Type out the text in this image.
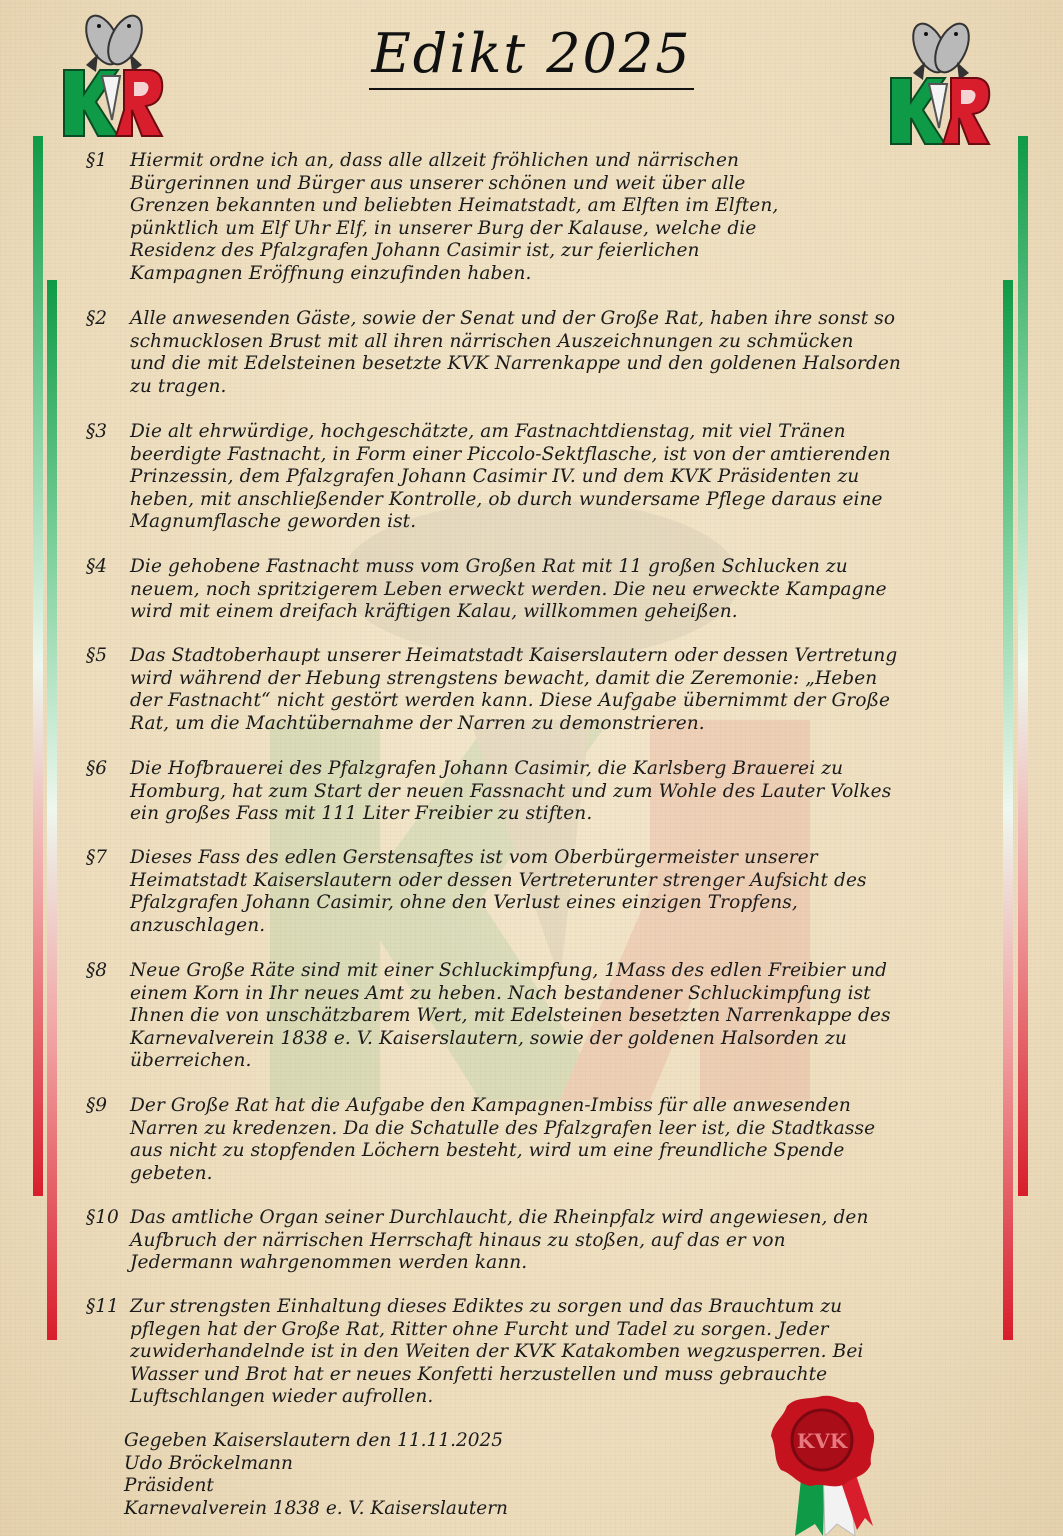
Edikt 2025
§1 Hiermit ordne ich an, dass alle allzeit fröhlichen und närrischen
Bürgerinnen und Bürger aus unserer schönen und weit über alle
Grenzen bekannten und beliebten Heimatstadt, am Elften im Elften,
pünktlich um Elf Uhr Elf, in unserer Burg der Kalause, welche die
Residenz des Pfalzgrafen Johann Casimir ist, zur feierlichen
Kampagnen Eröffnung einzufinden haben.
§2 Alle anwesenden Gäste, sowie der Senat und der Große Rat, haben ihre sonst so
schmucklosen Brust mit all ihren närrischen Auszeichnungen zu schmücken
und die mit Edelsteinen besetzte KVK Narrenkappe und den goldenen Halsorden
zu tragen.
§3 Die alt ehrwürdige, hochgeschätzte, am Fastnachtdienstag, mit viel Tränen
beerdigte Fastnacht, in Form einer Piccolo-Sektflasche, ist von der amtierenden
Prinzessin, dem Pfalzgrafen Johann Casimir IV. und dem KVK Präsidenten zu
heben, mit anschließender Kontrolle, ob durch wundersame Pflege daraus eine
Magnumflasche geworden ist.
§4 Die gehobene Fastnacht muss vom Großen Rat mit 11 großen Schlucken zu
neuem, noch spritzigerem Leben erweckt werden. Die neu erweckte Kampagne
wird mit einem dreifach kräftigen Kalau, willkommen geheißen.
§5 Das Stadtoberhaupt unserer Heimatstadt Kaiserslautern oder dessen Vertretung
wird während der Hebung strengstens bewacht, damit die Zeremonie: „Heben
der Fastnacht“ nicht gestört werden kann. Diese Aufgabe übernimmt der Große
Rat, um die Machtübernahme der Narren zu demonstrieren.
§6 Die Hofbrauerei des Pfalzgrafen Johann Casimir, die Karlsberg Brauerei zu
Homburg, hat zum Start der neuen Fassnacht und zum Wohle des Lauter Volkes
ein großes Fass mit 111 Liter Freibier zu stiften.
§7 Dieses Fass des edlen Gerstensaftes ist vom Oberbürgermeister unserer
Heimatstadt Kaiserslautern oder dessen Vertreterunter strenger Aufsicht des
Pfalzgrafen Johann Casimir, ohne den Verlust eines einzigen Tropfens,
anzuschlagen.
§8 Neue Große Räte sind mit einer Schluckimpfung, 1Mass des edlen Freibier und
einem Korn in Ihr neues Amt zu heben. Nach bestandener Schluckimpfung ist
Ihnen die von unschätzbarem Wert, mit Edelsteinen besetzten Narrenkappe des
Karnevalverein 1838 e. V. Kaiserslautern, sowie der goldenen Halsorden zu
überreichen.
§9 Der Große Rat hat die Aufgabe den Kampagnen-Imbiss für alle anwesenden
Narren zu kredenzen. Da die Schatulle des Pfalzgrafen leer ist, die Stadtkasse
aus nicht zu stopfenden Löchern besteht, wird um eine freundliche Spende
gebeten.
§10 Das amtliche Organ seiner Durchlaucht, die Rheinpfalz wird angewiesen, den
Aufbruch der närrischen Herrschaft hinaus zu stoßen, auf das er von
Jedermann wahrgenommen werden kann.
§11 Zur strengsten Einhaltung dieses Ediktes zu sorgen und das Brauchtum zu
pflegen hat der Große Rat, Ritter ohne Furcht und Tadel zu sorgen. Jeder
zuwiderhandelnde ist in den Weiten der KVK Katakomben wegzusperren. Bei
Wasser und Brot hat er neues Konfetti herzustellen und muss gebrauchte
Luftschlangen wieder aufrollen.
Gegeben Kaiserslautern den 11.11.2025
Udo Bröckelmann
Präsident
Karnevalverein 1838 e. V. Kaiserslautern
KVK
